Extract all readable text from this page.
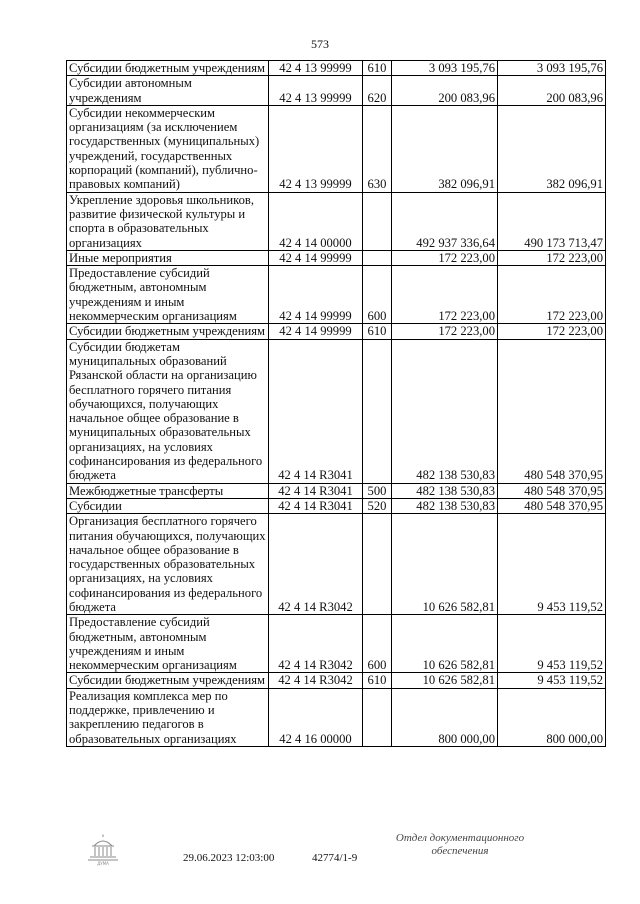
573
Субсидии бюджетным учреждениям	42 4 13 99999	610	3 093 195,76	3 093 195,76
Субсидии автономным учреждениям	42 4 13 99999	620	200 083,96	200 083,96
Субсидии некоммерческим организациям (за исключением государственных (муниципальных) учреждений, государственных корпораций (компаний), публично-правовых компаний)	42 4 13 99999	630	382 096,91	382 096,91
Укрепление здоровья школьников, развитие физической культуры и спорта в образовательных организациях	42 4 14 00000		492 937 336,64	490 173 713,47
Иные мероприятия	42 4 14 99999		172 223,00	172 223,00
Предоставление субсидий бюджетным, автономным учреждениям и иным некоммерческим организациям	42 4 14 99999	600	172 223,00	172 223,00
Субсидии бюджетным учреждениям	42 4 14 99999	610	172 223,00	172 223,00
Субсидии бюджетам муниципальных образований Рязанской области на организацию бесплатного горячего питания обучающихся, получающих начальное общее образование в муниципальных образовательных организациях, на условиях софинансирования из федерального бюджета	42 4 14 R3041		482 138 530,83	480 548 370,95
Межбюджетные трансферты	42 4 14 R3041	500	482 138 530,83	480 548 370,95
Субсидии	42 4 14 R3041	520	482 138 530,83	480 548 370,95
Организация бесплатного горячего питания обучающихся, получающих начальное общее образование в государственных образовательных организациях, на условиях софинансирования из федерального бюджета	42 4 14 R3042		10 626 582,81	9 453 119,52
Предоставление субсидий бюджетным, автономным учреждениям и иным некоммерческим организациям	42 4 14 R3042	600	10 626 582,81	9 453 119,52
Субсидии бюджетным учреждениям	42 4 14 R3042	610	10 626 582,81	9 453 119,52
Реализация комплекса мер по поддержке, привлечению и закреплению педагогов в образовательных организациях	42 4 16 00000		800 000,00	800 000,00
ДУМА	29.06.2023 12:03:00	42774/1-9
Отдел документационного
обеспечения
